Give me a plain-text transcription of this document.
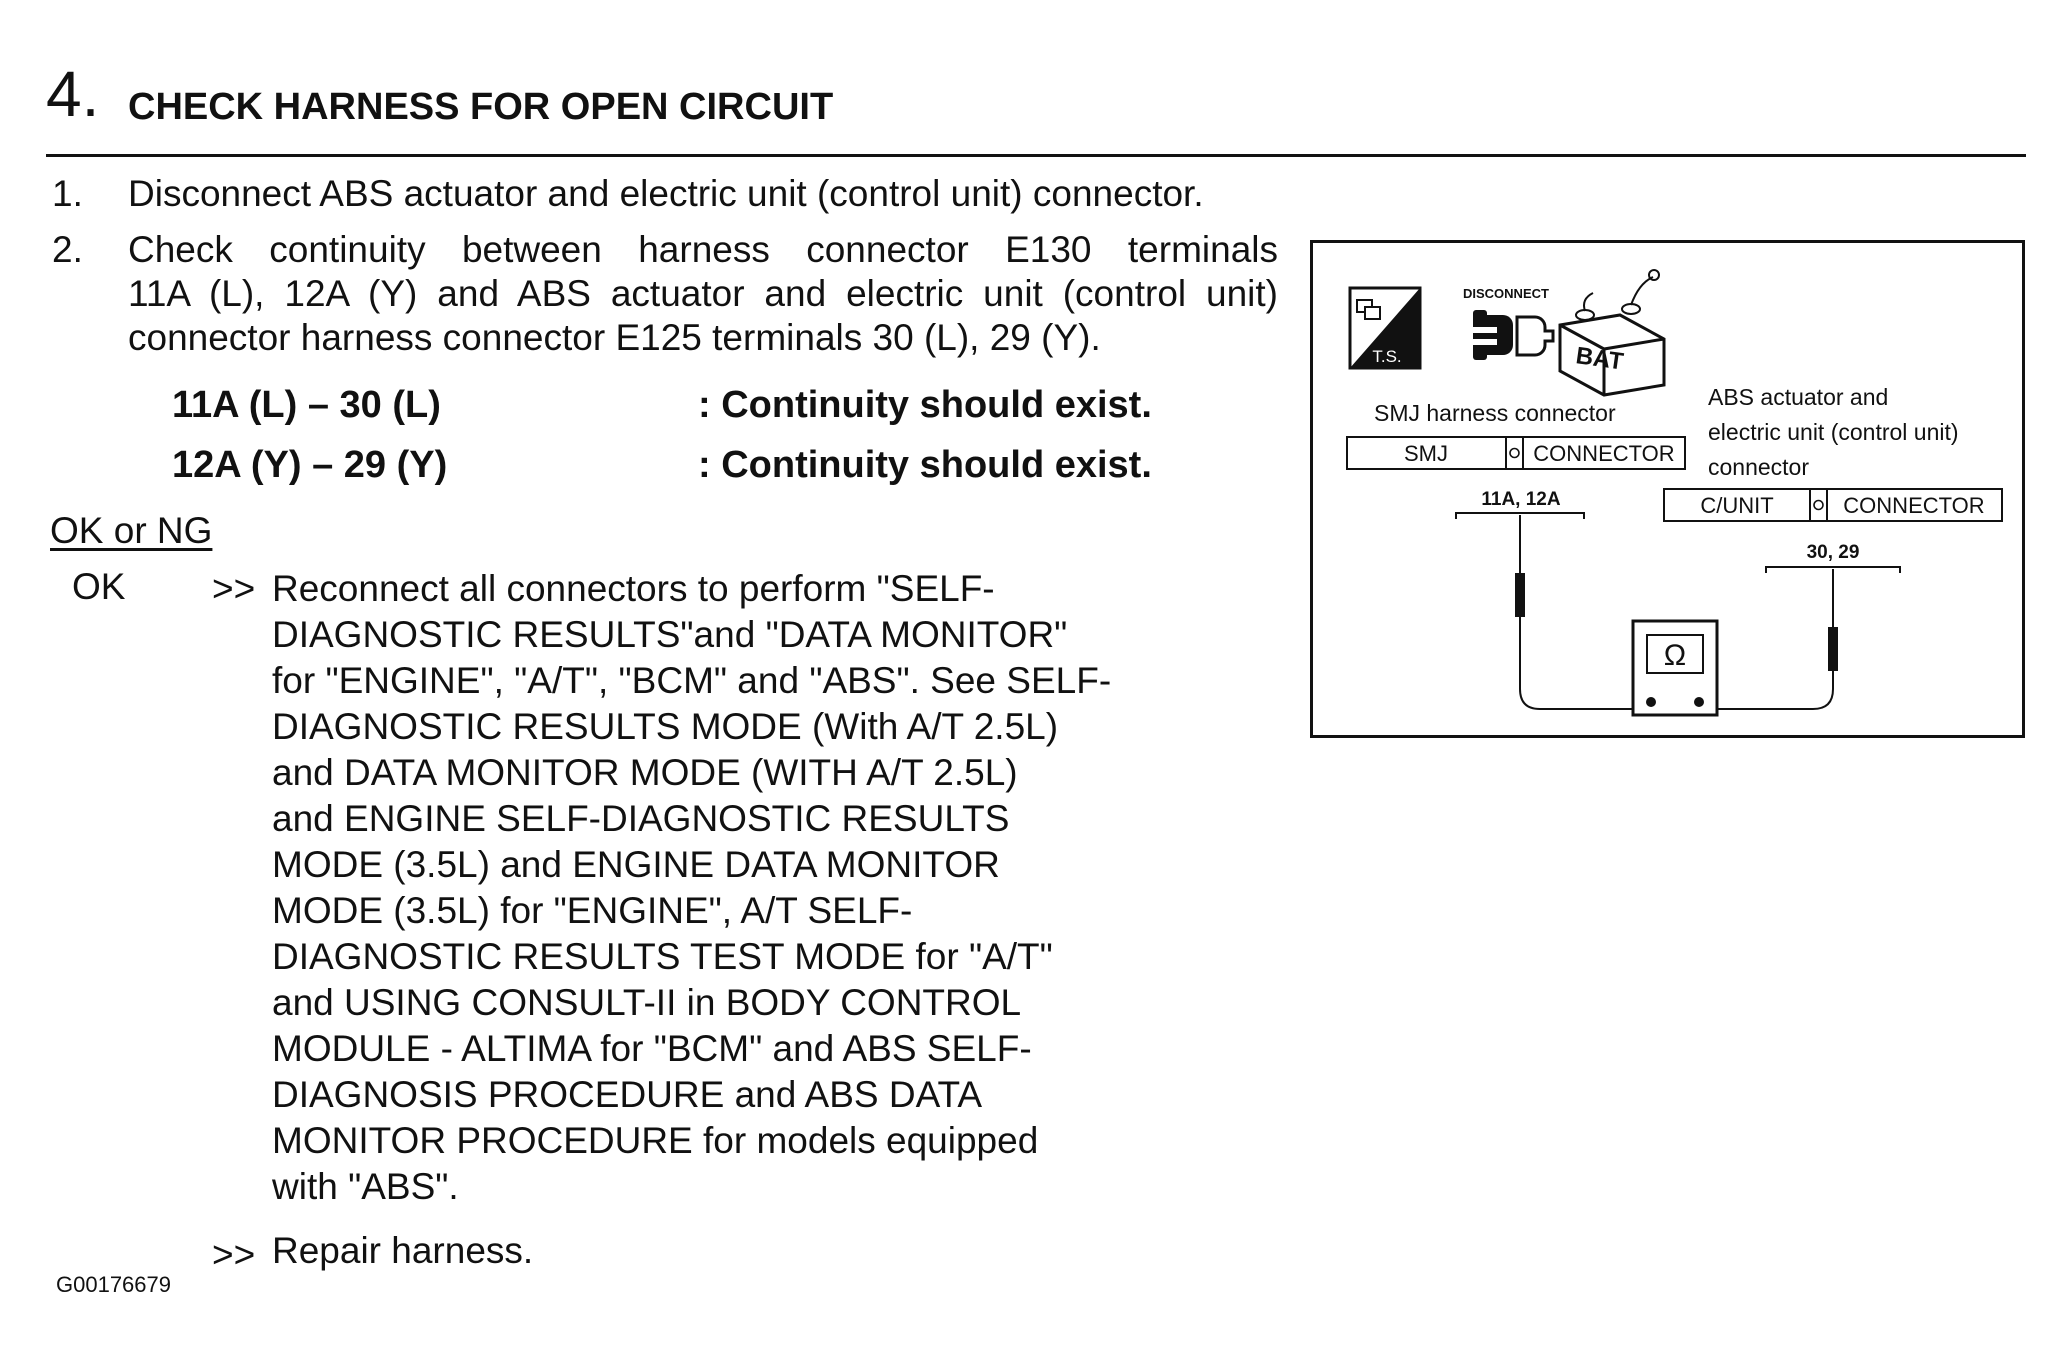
4. CHECK HARNESS FOR OPEN CIRCUIT
1. Disconnect ABS actuator and electric unit (control unit) connector.
2. Check continuity between harness connector E130 terminals
11A (L), 12A (Y) and ABS actuator and electric unit (control unit)
connector harness connector E125 terminals 30 (L), 29 (Y).
11A (L) – 30 (L)	: Continuity should exist.
12A (Y) – 29 (Y)	: Continuity should exist.
OK or NG
OK >> Reconnect all connectors to perform "SELF-
DIAGNOSTIC RESULTS"and "DATA MONITOR"
for "ENGINE", "A/T", "BCM" and "ABS". See SELF-
DIAGNOSTIC RESULTS MODE (With A/T 2.5L)
and DATA MONITOR MODE (WITH A/T 2.5L)
and ENGINE SELF-DIAGNOSTIC RESULTS
MODE (3.5L) and ENGINE DATA MONITOR
MODE (3.5L) for "ENGINE", A/T SELF-
DIAGNOSTIC RESULTS TEST MODE for "A/T"
and USING CONSULT-II in BODY CONTROL
MODULE - ALTIMA for "BCM" and ABS SELF-
DIAGNOSIS PROCEDURE and ABS DATA
MONITOR PROCEDURE for models equipped
with "ABS".
>> Repair harness.
G00176679
T.S.
DISCONNECT
BAT
SMJ harness connector
SMJ	CONNECTOR
11A, 12A
ABS actuator and
electric unit (control unit)
connector
C/UNIT	CONNECTOR
30, 29
Ω
